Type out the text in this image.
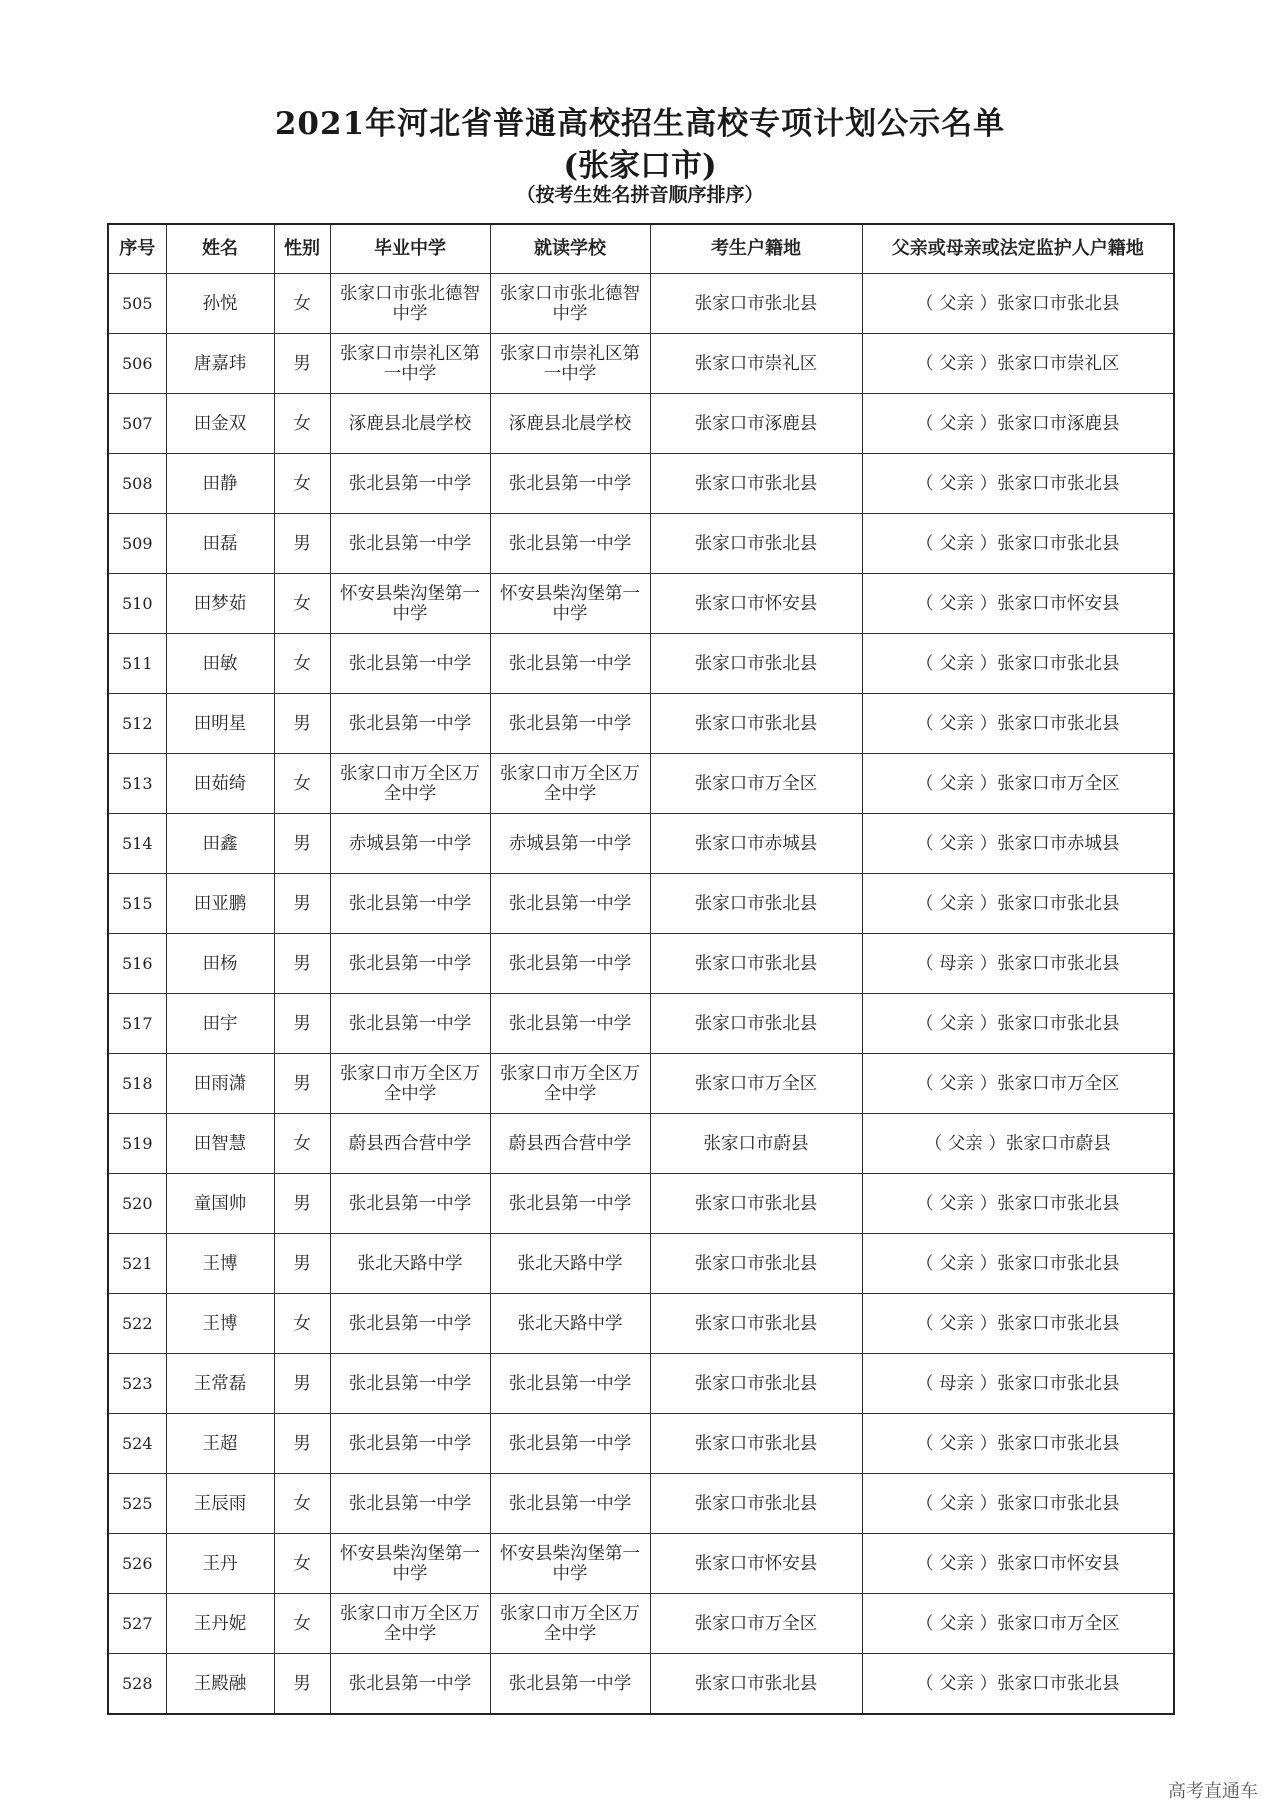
2021年河北省普通高校招生高校专项计划公示名单
(张家口市)
（按考生姓名拼音顺序排序）
序号	姓名	性别	毕业中学	就读学校	考生户籍地	父亲或母亲或法定监护人户籍地
505	孙悦	女	张家口市张北德智中学	张家口市张北德智中学	张家口市张北县	（ 父亲 ）张家口市张北县
506	唐嘉玮	男	张家口市崇礼区第一中学	张家口市崇礼区第一中学	张家口市崇礼区	（ 父亲 ）张家口市崇礼区
507	田金双	女	涿鹿县北晨学校	涿鹿县北晨学校	张家口市涿鹿县	（ 父亲 ）张家口市涿鹿县
508	田静	女	张北县第一中学	张北县第一中学	张家口市张北县	（ 父亲 ）张家口市张北县
509	田磊	男	张北县第一中学	张北县第一中学	张家口市张北县	（ 父亲 ）张家口市张北县
510	田梦茹	女	怀安县柴沟堡第一中学	怀安县柴沟堡第一中学	张家口市怀安县	（ 父亲 ）张家口市怀安县
511	田敏	女	张北县第一中学	张北县第一中学	张家口市张北县	（ 父亲 ）张家口市张北县
512	田明星	男	张北县第一中学	张北县第一中学	张家口市张北县	（ 父亲 ）张家口市张北县
513	田茹绮	女	张家口市万全区万全中学	张家口市万全区万全中学	张家口市万全区	（ 父亲 ）张家口市万全区
514	田鑫	男	赤城县第一中学	赤城县第一中学	张家口市赤城县	（ 父亲 ）张家口市赤城县
515	田亚鹏	男	张北县第一中学	张北县第一中学	张家口市张北县	（ 父亲 ）张家口市张北县
516	田杨	男	张北县第一中学	张北县第一中学	张家口市张北县	（ 母亲 ）张家口市张北县
517	田宇	男	张北县第一中学	张北县第一中学	张家口市张北县	（ 父亲 ）张家口市张北县
518	田雨潇	男	张家口市万全区万全中学	张家口市万全区万全中学	张家口市万全区	（ 父亲 ）张家口市万全区
519	田智慧	女	蔚县西合营中学	蔚县西合营中学	张家口市蔚县	（ 父亲 ）张家口市蔚县
520	童国帅	男	张北县第一中学	张北县第一中学	张家口市张北县	（ 父亲 ）张家口市张北县
521	王博	男	张北天路中学	张北天路中学	张家口市张北县	（ 父亲 ）张家口市张北县
522	王博	女	张北县第一中学	张北天路中学	张家口市张北县	（ 父亲 ）张家口市张北县
523	王常磊	男	张北县第一中学	张北县第一中学	张家口市张北县	（ 母亲 ）张家口市张北县
524	王超	男	张北县第一中学	张北县第一中学	张家口市张北县	（ 父亲 ）张家口市张北县
525	王辰雨	女	张北县第一中学	张北县第一中学	张家口市张北县	（ 父亲 ）张家口市张北县
526	王丹	女	怀安县柴沟堡第一中学	怀安县柴沟堡第一中学	张家口市怀安县	（ 父亲 ）张家口市怀安县
527	王丹妮	女	张家口市万全区万全中学	张家口市万全区万全中学	张家口市万全区	（ 父亲 ）张家口市万全区
528	王殿融	男	张北县第一中学	张北县第一中学	张家口市张北县	（ 父亲 ）张家口市张北县
高考直通车
